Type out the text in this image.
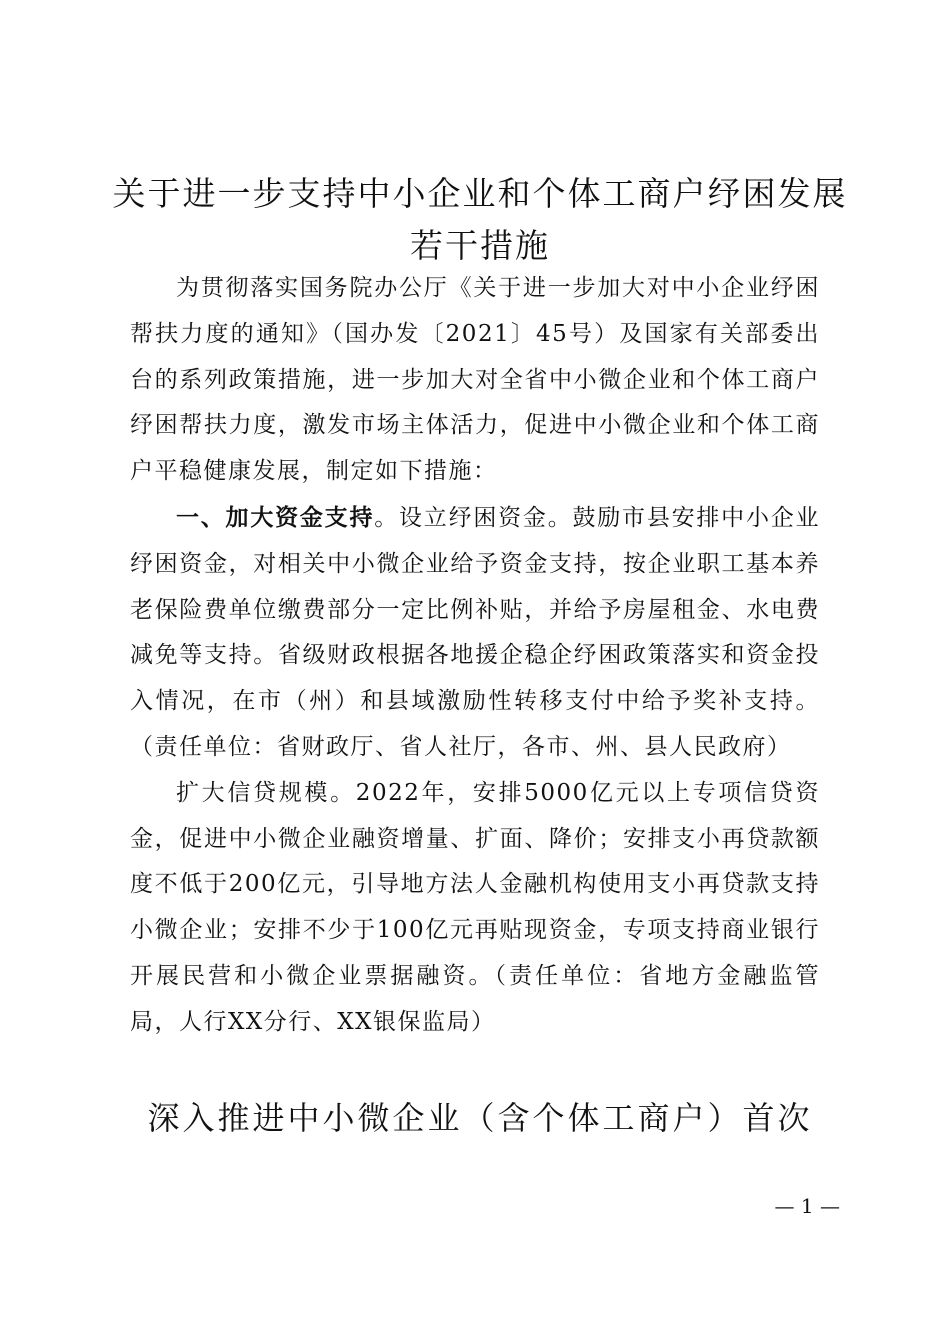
关于进一步支持中小企业和个体工商户纾困发展若干措施

为贯彻落实国务院办公厅《关于进一步加大对中小企业纾困帮扶力度的通知》（国办发〔2021〕45号）及国家有关部委出台的系列政策措施，进一步加大对全省中小微企业和个体工商户纾困帮扶力度，激发市场主体活力，促进中小微企业和个体工商户平稳健康发展，制定如下措施：

一、加大资金支持。设立纾困资金。鼓励市县安排中小企业纾困资金，对相关中小微企业给予资金支持，按企业职工基本养老保险费单位缴费部分一定比例补贴，并给予房屋租金、水电费减免等支持。省级财政根据各地援企稳企纾困政策落实和资金投入情况，在市（州）和县域激励性转移支付中给予奖补支持。（责任单位：省财政厅、省人社厅，各市、州、县人民政府）

扩大信贷规模。2022年，安排5000亿元以上专项信贷资金，促进中小微企业融资增量、扩面、降价；安排支小再贷款额度不低于200亿元，引导地方法人金融机构使用支小再贷款支持小微企业；安排不少于100亿元再贴现资金，专项支持商业银行开展民营和小微企业票据融资。（责任单位：省地方金融监管局，人行XX分行、XX银保监局）

深入推进中小微企业（含个体工商户）首次
— 1 —
